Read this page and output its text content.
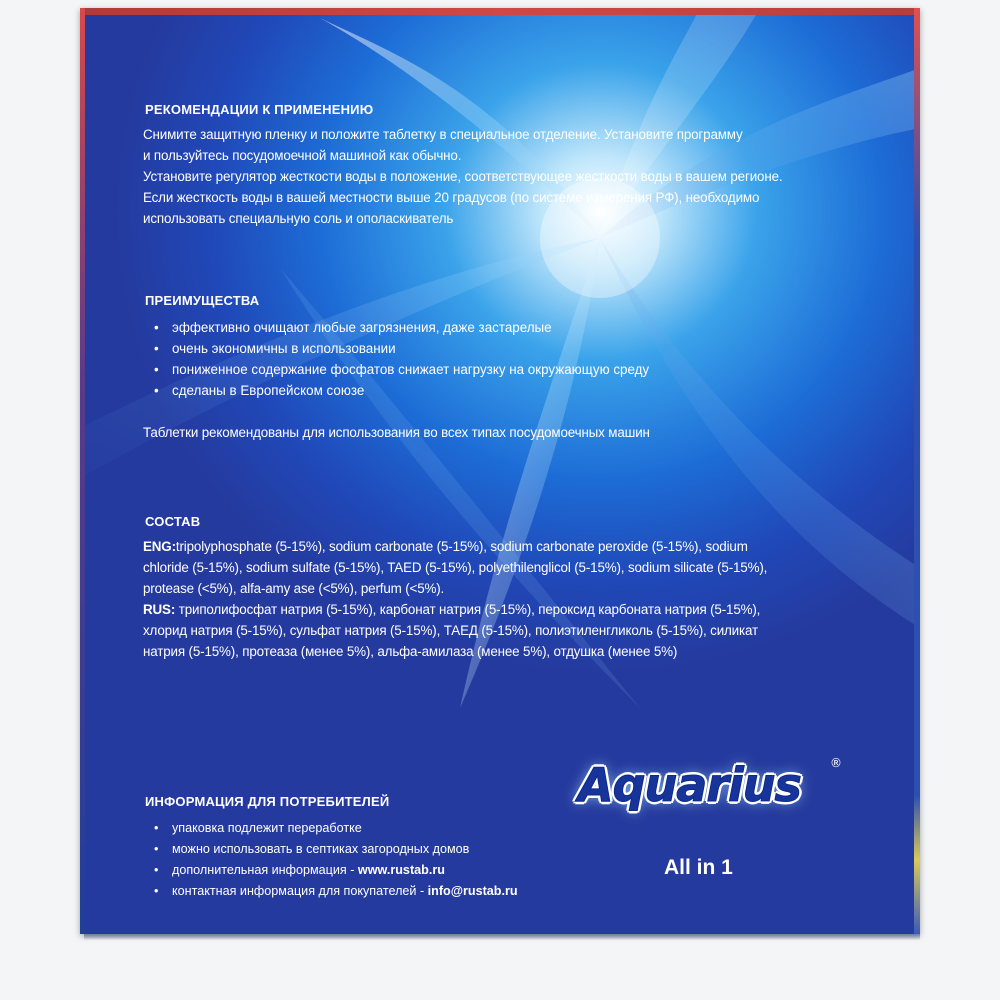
РЕКОМЕНДАЦИИ К ПРИМЕНЕНИЮ
Снимите защитную пленку и положите таблетку в специальное отделение. Установите программу
и пользуйтесь посудомоечной машиной как обычно.
Установите регулятор жесткости воды в положение, соответствующее жесткости воды в вашем регионе.
Если жесткость воды в вашей местности выше 20 градусов (по системе измерения РФ), необходимо
использовать специальную соль и ополаскиватель
ПРЕИМУЩЕСТВА
• эффективно очищают любые загрязнения, даже застарелые
• очень экономичны в использовании
• пониженное содержание фосфатов снижает нагрузку на окружающую среду
• сделаны в Европейском союзе
Таблетки рекомендованы для использования во всех типах посудомоечных машин
СОСТАВ
ENG:tripolyphosphate (5-15%), sodium carbonate (5-15%), sodium carbonate peroxide (5-15%), sodium
chloride (5-15%), sodium sulfate (5-15%), TAED (5-15%), polyethilenglicol (5-15%), sodium silicate (5-15%),
protease (<5%), alfa-amy ase (<5%), perfum (<5%).
RUS: триполифосфат натрия (5-15%), карбонат натрия (5-15%), пероксид карбоната натрия (5-15%),
хлорид натрия (5-15%), сульфат натрия (5-15%), ТАЕД (5-15%), полиэтиленгликоль (5-15%), силикат
натрия (5-15%), протеаза (менее 5%), альфа-амилаза (менее 5%), отдушка (менее 5%)
ИНФОРМАЦИЯ ДЛЯ ПОТРЕБИТЕЛЕЙ
• упаковка подлежит переработке
• можно использовать в септиках загородных домов
• дополнительная информация - www.rustab.ru
• контактная информация для покупателей - info@rustab.ru
Aquarius ®
All in 1
